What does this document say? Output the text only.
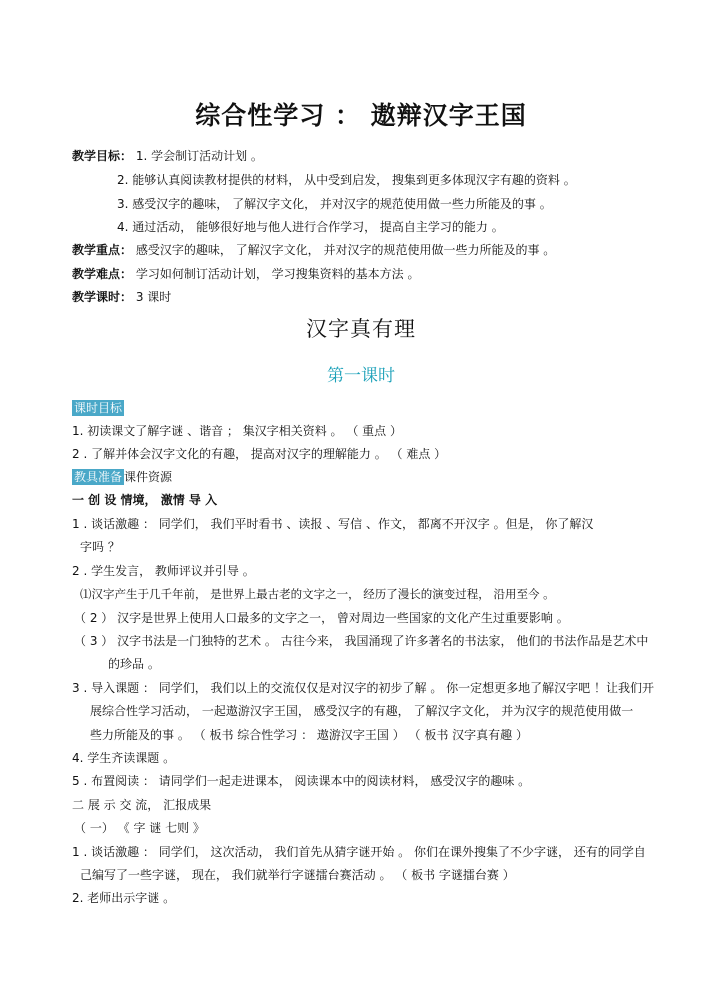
综合性学习 ： 遨辩汉字王国
教学目标： 1. 学会制订活动计划 。
2. 能够认真阅读教材提供的材料， 从中受到启发， 搜集到更多体现汉字有趣的资料 。
3. 感受汉字的趣味， 了解汉字文化， 并对汉字的规范使用做一些力所能及的事 。
4. 通过活动， 能够很好地与他人进行合作学习， 提高自主学习的能力 。
教学重点： 感受汉字的趣味， 了解汉字文化， 并对汉字的规范使用做一些力所能及的事 。
教学难点： 学习如何制订活动计划， 学习搜集资料的基本方法 。
教学课时： 3 课时
汉字真有理
第一课时
课时目标
1. 初读课文了解字谜 、谐音 ； 集汉字相关资料 。 （ 重点 ）
2 . 了解并体会汉字文化的有趣， 提高对汉字的理解能力 。 （ 难点 ）
教具准备 课件资源
一 创 设 情境， 激情 导 入
1 . 谈话激趣 ： 同学们， 我们平时看书 、读报 、写信 、作文， 都离不开汉字 。但是， 你了解汉
字吗 ？
2 . 学生发言， 教师评议并引导 。
⑴汉字产生于几千年前， 是世界上最古老的文字之一， 经历了漫长的演变过程， 沿用至今 。
（ 2 ） 汉字是世界上使用人口最多的文字之一， 曾对周边一些国家的文化产生过重要影响 。
（ 3 ） 汉字书法是一门独特的艺术 。 古往今来， 我国涌现了许多著名的书法家， 他们的书法作品是艺术中
的珍品 。
3 . 导入课题 ： 同学们， 我们以上的交流仅仅是对汉字的初步了解 。 你一定想更多地了解汉字吧 ！让我们开
展综合性学习活动， 一起遨游汉字王国， 感受汉字的有趣， 了解汉字文化， 并为汉字的规范使用做一
些力所能及的事 。 （ 板书 综合性学习 ： 遨游汉字王国 ） （ 板书 汉字真有趣 ）
4. 学生齐读课题 。
5 . 布置阅读 ： 请同学们一起走进课本， 阅读课本中的阅读材料， 感受汉字的趣味 。
二 展 示 交 流， 汇报成果
（ 一） 《 字 谜 七则 》
1 . 谈话激趣 ： 同学们， 这次活动， 我们首先从猜字谜开始 。 你们在课外搜集了不少字谜， 还有的同学自
己编写了一些字谜， 现在， 我们就举行字谜擂台赛活动 。 （ 板书 字谜擂台赛 ）
2. 老师出示字谜 。
